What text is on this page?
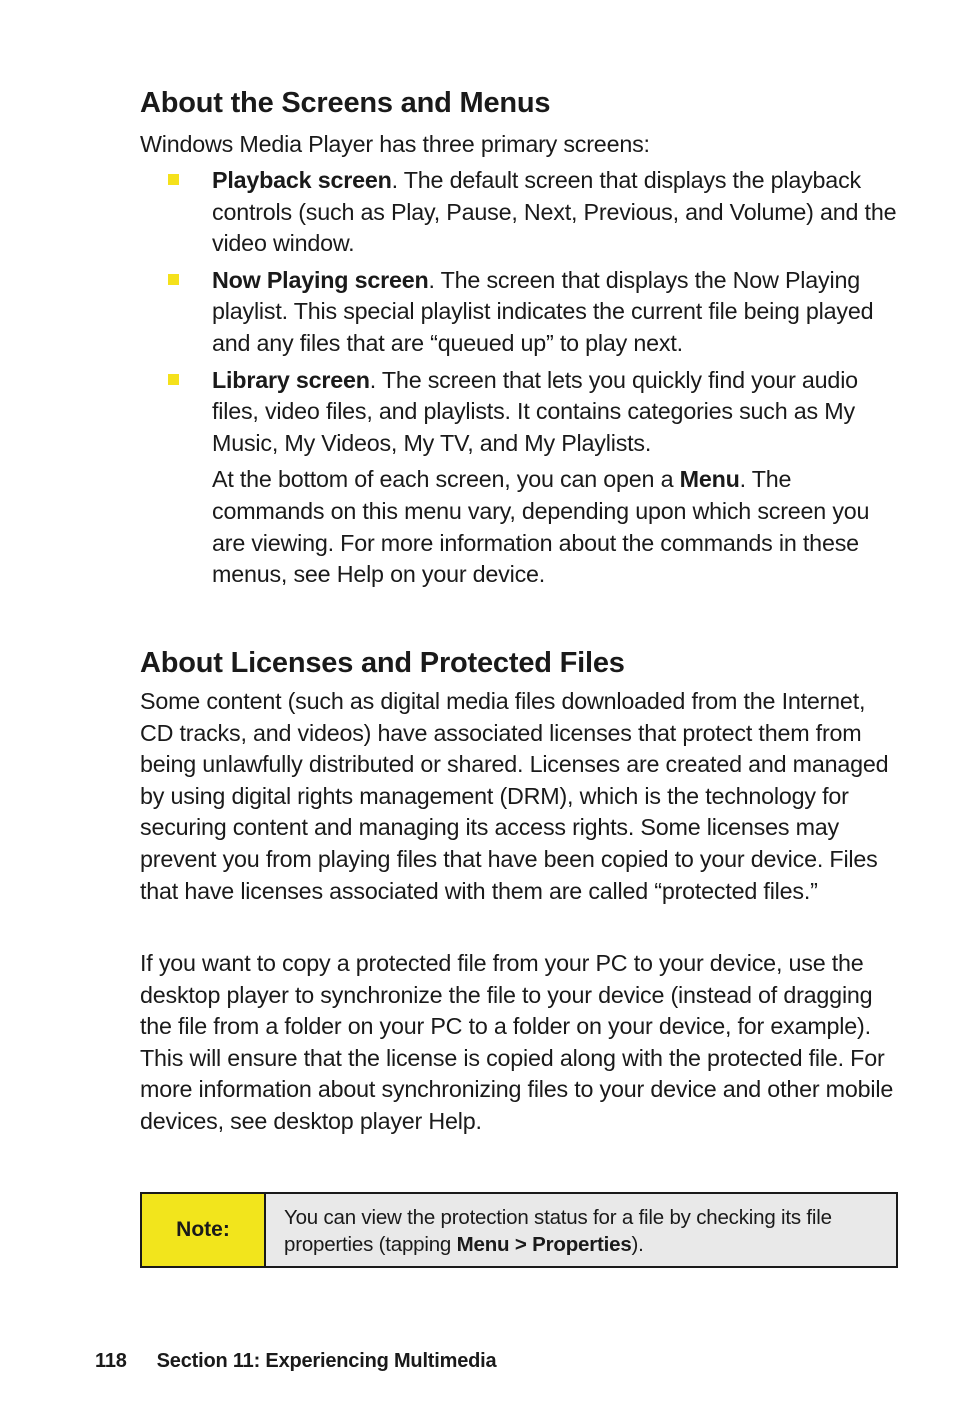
About the Screens and Menus

Windows Media Player has three primary screens:

Playback screen. The default screen that displays the playback controls (such as Play, Pause, Next, Previous, and Volume) and the video window.
Now Playing screen. The screen that displays the Now Playing playlist. This special playlist indicates the current file being played and any files that are “queued up” to play next.
Library screen. The screen that lets you quickly find your audio files, video files, and playlists. It contains categories such as My Music, My Videos, My TV, and My Playlists.

At the bottom of each screen, you can open a Menu. The commands on this menu vary, depending upon which screen you are viewing. For more information about the commands in these menus, see Help on your device.

About Licenses and Protected Files

Some content (such as digital media files downloaded from the Internet, CD tracks, and videos) have associated licenses that protect them from being unlawfully distributed or shared. Licenses are created and managed by using digital rights management (DRM), which is the technology for securing content and managing its access rights. Some licenses may prevent you from playing files that have been copied to your device. Files that have licenses associated with them are called “protected files.”

If you want to copy a protected file from your PC to your device, use the desktop player to synchronize the file to your device (instead of dragging the file from a folder on your PC to a folder on your device, for example). This will ensure that the license is copied along with the protected file. For more information about synchronizing files to your device and other mobile devices, see desktop player Help.

Note:
You can view the protection status for a file by checking its file properties (tapping Menu > Properties).
118 Section 11: Experiencing Multimedia
